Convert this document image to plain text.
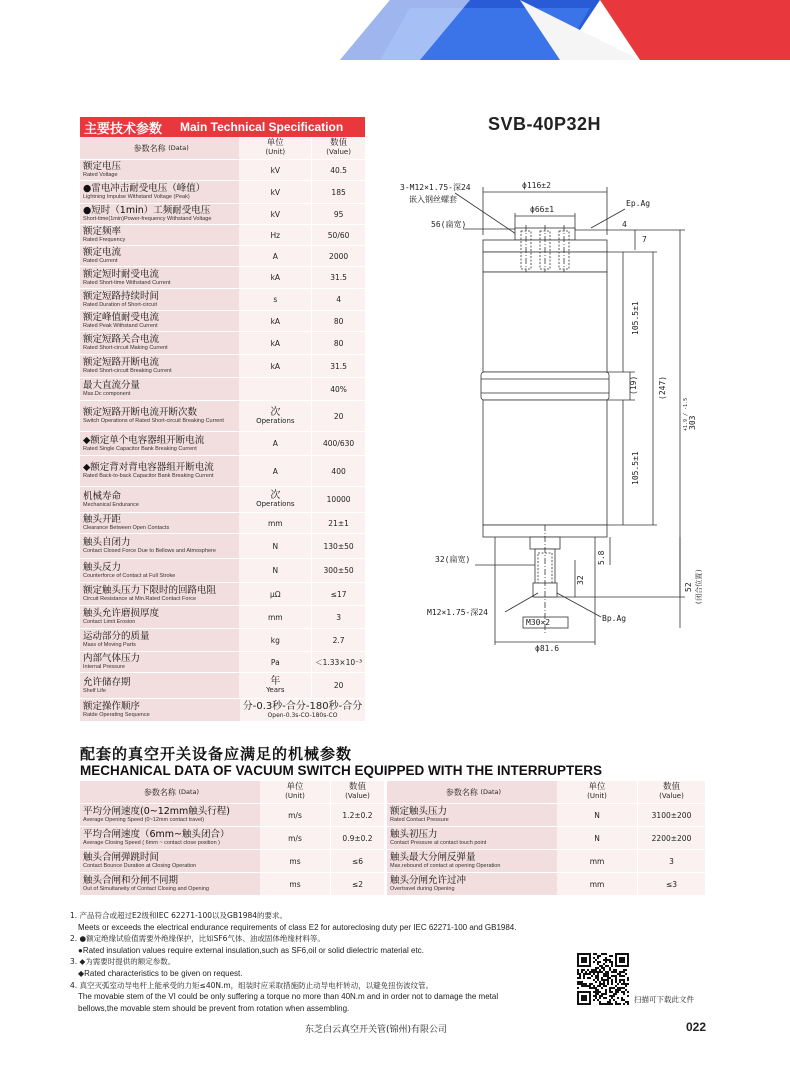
SVB-40P32H
主要技术参数 Main Technical Specification
参数名称
(Data)	单位
(Unit)
数值
(Value)
额定电压
Rated Voltage
kV	40.5
●雷电冲击耐受电压（峰值）
Lightning Impulse Withstand Voltage (Peak)
kV	185
●短时（1min）工频耐受电压
Short-time(1min)Power-frequency Withstand Voltage
kV	95
额定频率
Rated Frequency
Hz	50/60
额定电流
Rated Current
A	2000
额定短时耐受电流
Rated Short-time Withstand Current
kA	31.5
额定短路持续时间
Rated Duration of Short-circuit
s	4
额定峰值耐受电流
Rated Peak Withstand Current
kA	80
额定短路关合电流
Rated Short-circuit Making Current
kA	80
额定短路开断电流
Rated Short-circuit Breaking Current
kA	31.5
最大直流分量
Max.Dc component
40%
额定短路开断电流开断次数
Switch Operations of Rated Short-circuit Breaking Current
次
Operations	20
◆额定单个电容器组开断电流
Rated Single Capacitor Bank Breaking Current
A	400/630
◆额定背对背电容器组开断电流
Rated Back-to-back Capacitor Bank Breaking Current
A	400
机械寿命
Mechanical Endurance
次
Operations	10000
触头开距
Clearance Between Open Contacts
mm	21±1
触头自闭力
Contact Closed Force Due to Bellows and Atmosphere
N	130±50
触头反力
Counterforce of Contact at Full Stroke
N	300±50
额定触头压力下限时的回路电阻
Circuit Resistance at Min.Rated Contact Force
μΩ	≤17
触头允许磨损厚度
Contact Limit Erosion
mm	3
运动部分的质量
Mass of Moving Parts
kg	2.7
内部气体压力
Internal Pressure
Pa	＜1.33×10⁻³
允许储存期
Shelf Life
年
Years	20
额定操作顺序
Ratde Operating Sequence
分-0.3秒-合分-180秒-合分
Open-0.3s-CO-180s-CO
3-M12×1.75-深24
嵌入钢丝螺套
ϕ116±2
ϕ66±1
Ep.Ag
56(扁宽)	4
7
32(扁宽)	5.8
32
M12×1.75-深24
M30×2	Bp.Ag
ϕ81.6
105.5±1
(19)
105.5±1
(247)
303
+1.9 / -1.5
52 (闭合位置)
配套的真空开关设备应满足的机械参数
MECHANICAL DATA OF VACUUM SWITCH EQUIPPED WITH THE INTERRUPTERS
参数名称
(Data)	单位
(Unit)
数值
(Value)
平均分闸速度(0~12mm触头行程)
Average Opening Speed (0~12mm contact travel)
m/s	1.2±0.2
平均合闸速度（6mm~触头闭合）
Average Closing Speed ( 6mm ~ contact close position )
m/s	0.9±0.2
触头合闸弹跳时间
Contact Bounce Duration at Closing Operation
ms	≤6
触头合闸和分闸不同期
Out of Simultaneity of Contact Closing and Opening
ms	≤2
参数名称
(Data)	单位
(Unit)
数值
(Value)
额定触头压力
Rated Contact Pressure
N	3100±200
触头初压力
Contact Pressure at contact touch point
N	2200±200
触头最大分闸反弹量
Max.rebound of contact at opening Operation
mm	3
触头分闸允许过冲
Overtravel during Opening
mm	≤3
1. 产品符合或超过E2级和IEC 62271-100以及GB1984的要求。
Meets or exceeds the electrical endurance requirements of class E2 for autoreclosing duty per IEC 62271-100 and GB1984.
2. ●额定绝缘试验值需要外绝缘保护，比如SF6气体、油或固体绝缘材料等。
●Rated insulation values require external insulation,such as SF6,oil or solid dielectric material etc.
3. ◆为需要时提供的额定参数。
◆Rated characteristics to be given on request.
4. 真空灭弧室动导电杆上能承受的力矩≤40N.m，组装时应采取措施防止动导电杆转动，以避免扭伤波纹管。
The movabie stem of the VI could be only suffering a torque no more than 40N.m and in order not to damage the metal
bellows,the movable stem should be prevent from rotation when assembling.
扫描可下载此文件
东芝白云真空开关管(锦州)有限公司	022
